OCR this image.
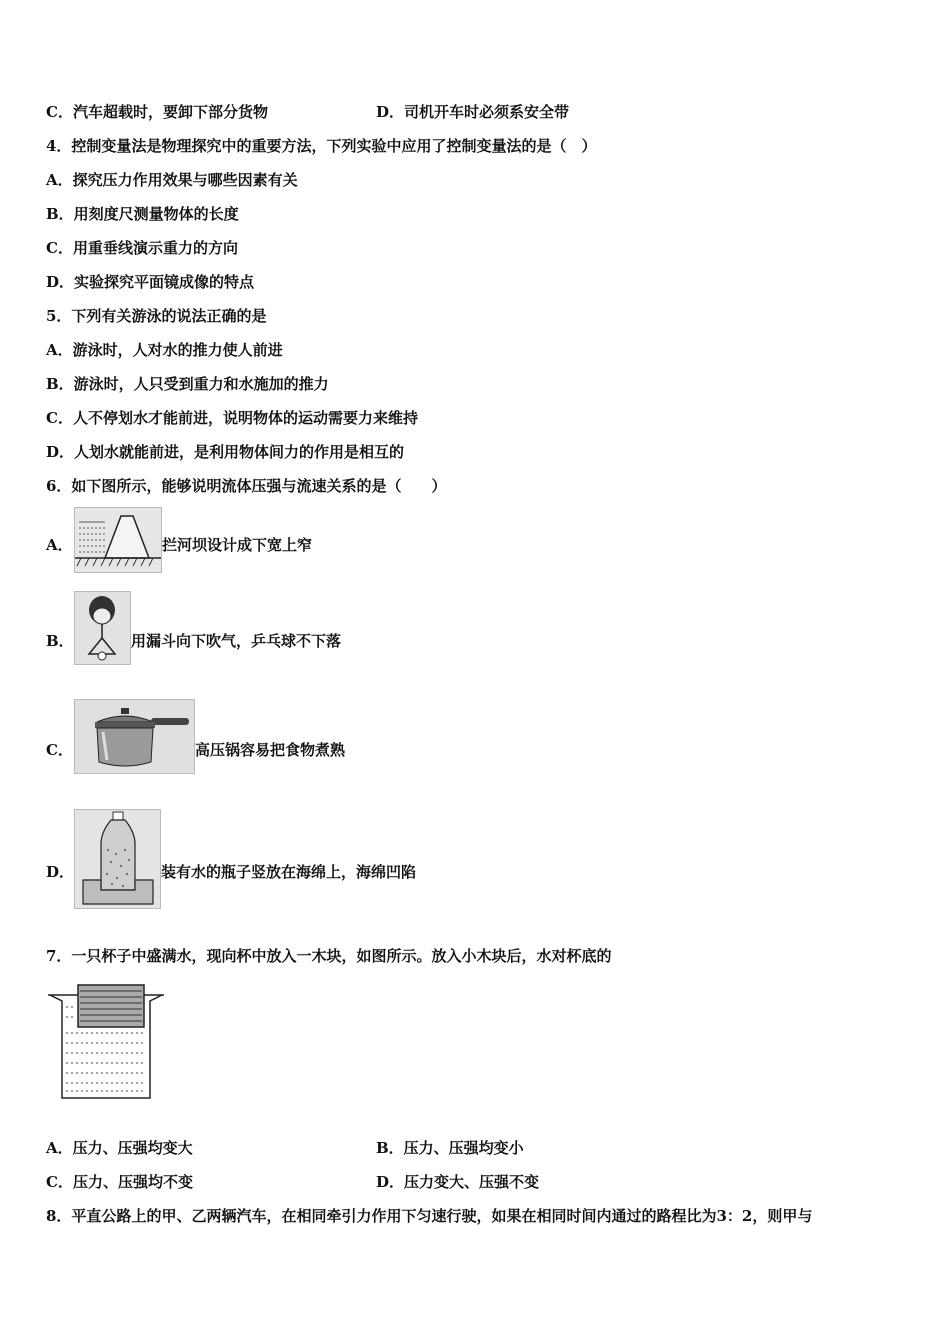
C．汽车超载时，要卸下部分货物	D．司机开车时必须系安全带
4．控制变量法是物理探究中的重要方法，下列实验中应用了控制变量法的是（　）
A．探究压力作用效果与哪些因素有关
B．用刻度尺测量物体的长度
C．用重垂线演示重力的方向
D．实验探究平面镜成像的特点
5．下列有关游泳的说法正确的是
A．游泳时，人对水的推力使人前进
B．游泳时，人只受到重力和水施加的推力
C．人不停划水才能前进，说明物体的运动需要力来维持
D．人划水就能前进，是利用物体间力的作用是相互的
6．如下图所示，能够说明流体压强与流速关系的是（　　）
A．	拦河坝设计成下宽上窄
B．	用漏斗向下吹气，乒乓球不下落
C．	高压锅容易把食物煮熟
D．	装有水的瓶子竖放在海绵上，海绵凹陷
7．一只杯子中盛满水，现向杯中放入一木块，如图所示。放入小木块后，水对杯底的
A．压力、压强均变大	B．压力、压强均变小
C．压力、压强均不变	D．压力变大、压强不变
8．平直公路上的甲、乙两辆汽车，在相同牵引力作用下匀速行驶，如果在相同时间内通过的路程比为3：2，则甲与
